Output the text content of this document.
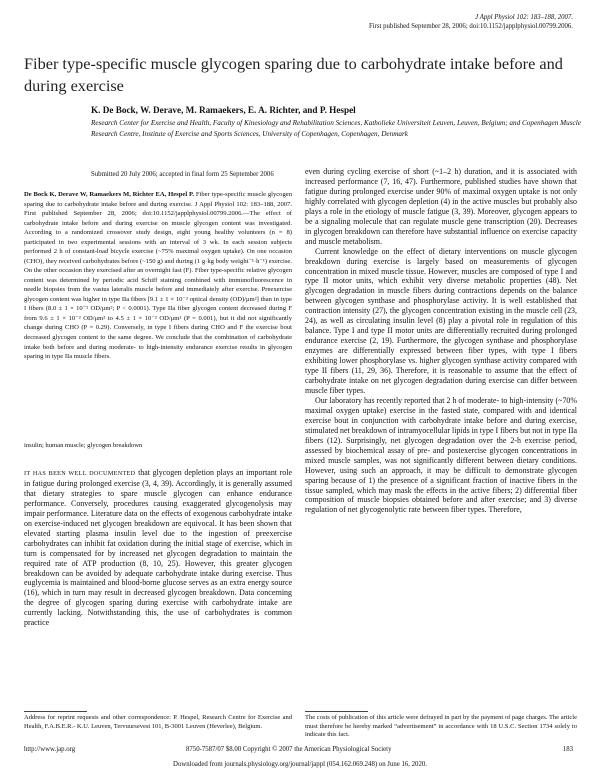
J Appl Physiol 102: 183–188, 2007.
First published September 28, 2006; doi:10.1152/japplphysiol.00799.2006.
Fiber type-specific muscle glycogen sparing due to carbohydrate intake before and during exercise
K. De Bock, W. Derave, M. Ramaekers, E. A. Richter, and P. Hespel
Research Center for Exercise and Health, Faculty of Kinesiology and Rehabilitation Sciences, Katholieke Universiteit Leuven, Leuven, Belgium; and Copenhagen Muscle Research Centre, Institute of Exercise and Sports Sciences, University of Copenhagen, Copenhagen, Denmark
Submitted 20 July 2006; accepted in final form 25 September 2006
De Bock K, Derave W, Ramaekers M, Richter EA, Hespel P. Fiber type-specific muscle glycogen sparing due to carbohydrate intake before and during exercise. J Appl Physiol 102: 183–188, 2007. First published September 28, 2006; doi:10.1152/japplphysiol.00799.2006.—The effect of carbohydrate intake before and during exercise on muscle glycogen content was investigated. According to a randomized crossover study design, eight young healthy volunteers (n = 8) participated in two experimental sessions with an interval of 3 wk. In each session subjects performed 2 h of constant-load bicycle exercise (~75% maximal oxygen uptake). On one occasion (CHO), they received carbohydrates before (~150 g) and during (1 g·kg body weight⁻¹·h⁻¹) exercise. On the other occasion they exercised after an overnight fast (F). Fiber type-specific relative glycogen content was determined by periodic acid Schiff staining combined with immunofluorescence in needle biopsies from the vastus lateralis muscle before and immediately after exercise. Preexercise glycogen content was higher in type IIa fibers [9.1 ± 1 × 10⁻² optical density (OD)/μm²] than in type I fibers (8.0 ± 1 × 10⁻² OD/μm²; P < 0.0001). Type IIa fiber glycogen content decreased during F from 9.6 ± 1 × 10⁻² OD/μm² to 4.5 ± 1 × 10⁻² OD/μm² (P = 0.001), but it did not significantly change during CHO (P = 0.29). Conversely, in type I fibers during CHO and F the exercise bout decreased glycogen content to the same degree. We conclude that the combination of carbohydrate intake both before and during moderate- to high-intensity endurance exercise results in glycogen sparing in type IIa muscle fibers.
insulin; human muscle; glycogen breakdown
IT HAS BEEN WELL DOCUMENTED that glycogen depletion plays an important role in fatigue during prolonged exercise (3, 4, 39). Accordingly, it is generally assumed that dietary strategies to spare muscle glycogen can enhance endurance performance. Conversely, procedures causing exaggerated glycogenolysis may impair performance. Literature data on the effects of exogenous carbohydrate intake on exercise-induced net glycogen breakdown are equivocal. It has been shown that elevated starting plasma insulin level due to the ingestion of preexercise carbohydrates can inhibit fat oxidation during the initial stage of exercise, which in turn is compensated for by increased net glycogen degradation to maintain the required rate of ATP production (8, 10, 25). However, this greater glycogen breakdown can be avoided by adequate carbohydrate intake during exercise. Thus euglycemia is maintained and blood-borne glucose serves as an extra energy source (16), which in turn may result in decreased glycogen breakdown. Data concerning the degree of glycogen sparing during exercise with carbohydrate intake are currently lacking. Notwithstanding this, the use of carbohydrates is common practice

even during cycling exercise of short (~1–2 h) duration, and it is associated with increased performance (7, 16, 47). Furthermore, published studies have shown that fatigue during prolonged exercise under 90% of maximal oxygen uptake is not only highly correlated with glycogen depletion (4) in the active muscles but probably also plays a role in the etiology of muscle fatigue (3, 39). Moreover, glycogen appears to be a signaling molecule that can regulate muscle gene transcription (20). Decreases in glycogen breakdown can therefore have substantial influence on exercise capacity and muscle metabolism.

Current knowledge on the effect of dietary interventions on muscle glycogen breakdown during exercise is largely based on measurements of glycogen concentration in mixed muscle tissue. However, muscles are composed of type I and type II motor units, which exhibit very diverse metabolic properties (48). Net glycogen degradation in muscle fibers during contractions depends on the balance between glycogen synthase and phosphorylase activity. It is well established that contraction intensity (27), the glycogen concentration existing in the muscle cell (23, 24), as well as circulating insulin level (8) play a pivotal role in regulation of this balance. Type I and type II motor units are differentially recruited during prolonged endurance exercise (2, 19). Furthermore, the glycogen synthase and phosphorylase enzymes are differentially expressed between fiber types, with type I fibers exhibiting lower phosphorylase vs. higher glycogen synthase activity compared with type II fibers (11, 29, 36). Therefore, it is reasonable to assume that the effect of carbohydrate intake on net glycogen degradation during exercise can differ between muscle fiber types.

Our laboratory has recently reported that 2 h of moderate- to high-intensity (~70% maximal oxygen uptake) exercise in the fasted state, compared with and identical exercise bout in conjunction with carbohydrate intake before and during exercise, stimulated net breakdown of intramyocellular lipids in type I fibers but not in type IIa fibers (12). Surprisingly, net glycogen degradation over the 2-h exercise period, assessed by biochemical assay of pre- and postexercise glycogen concentrations in mixed muscle samples, was not significantly different between dietary conditions. However, using such an approach, it may be difficult to demonstrate glycogen sparing because of 1) the presence of a significant fraction of inactive fibers in the tissue sampled, which may mask the effects in the active fibers; 2) differential fiber composition of muscle biopsies obtained before and after exercise; and 3) diverse regulation of net glycogenolytic rate between fiber types. Therefore,

Address for reprint requests and other correspondence: P. Hespel, Research Centre for Exercise and Health, F.A.B.E.R.- K.U. Leuven, Tervuursevest 101, B-3001 Leuven (Heverlee), Belgium.
The costs of publication of this article were defrayed in part by the payment of page charges. The article must therefore be hereby marked “advertisement” in accordance with 18 U.S.C. Section 1734 solely to indicate this fact.
http://www.jap.org	8750-7587/07 $8.00 Copyright © 2007 the American Physiological Society	183
Downloaded from journals.physiology.org/journal/jappl (054.162.069.248) on June 16, 2020.
